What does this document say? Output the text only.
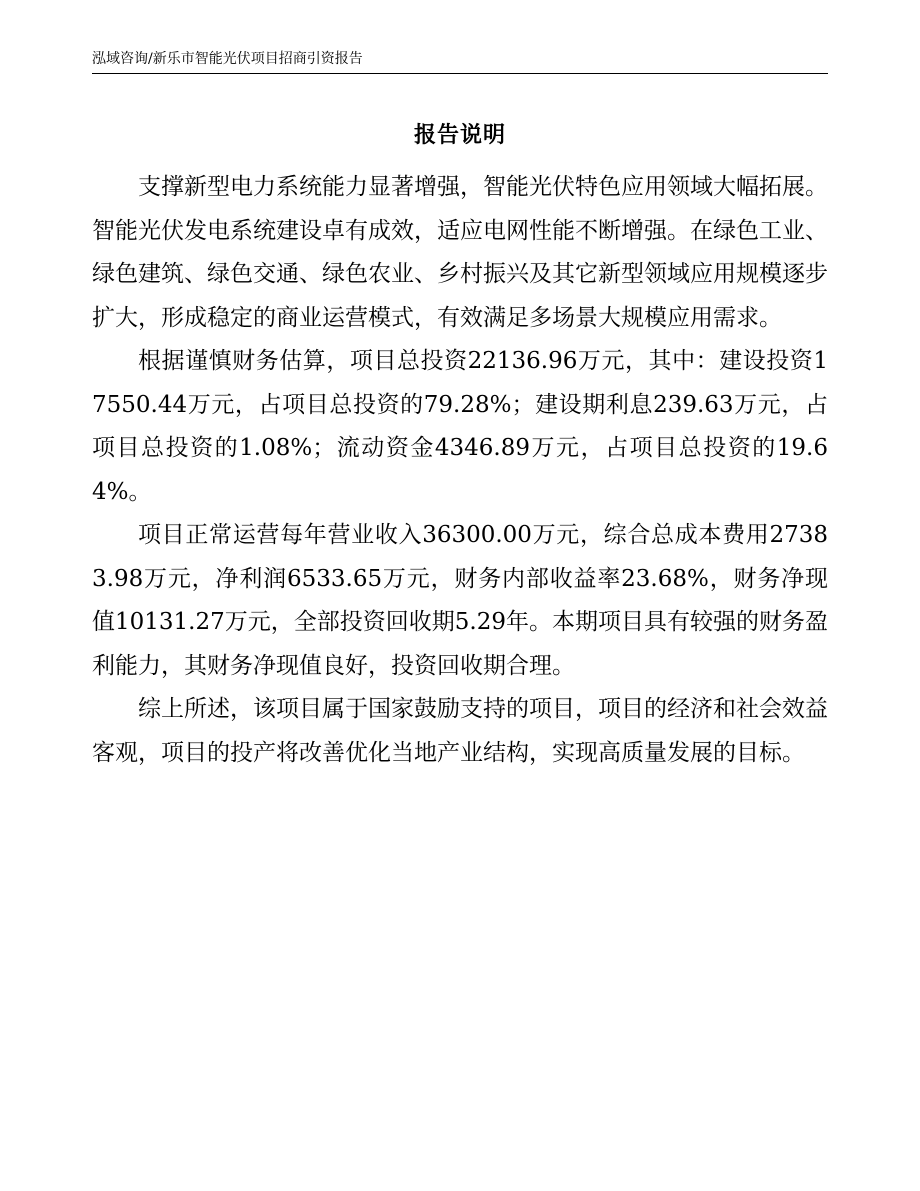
泓域咨询/新乐市智能光伏项目招商引资报告
报告说明

支撑新型电力系统能力显著增强，智能光伏特色应用领域大幅拓展。智能光伏发电系统建设卓有成效，适应电网性能不断增强。在绿色工业、绿色建筑、绿色交通、绿色农业、乡村振兴及其它新型领域应用规模逐步扩大，形成稳定的商业运营模式，有效满足多场景大规模应用需求。

根据谨慎财务估算，项目总投资22136.96万元，其中：建设投资17550.44万元，占项目总投资的79.28%；建设期利息239.63万元，占项目总投资的1.08%；流动资金4346.89万元，占项目总投资的19.64%。

项目正常运营每年营业收入36300.00万元，综合总成本费用27383.98万元，净利润6533.65万元，财务内部收益率23.68%，财务净现值10131.27万元，全部投资回收期5.29年。本期项目具有较强的财务盈利能力，其财务净现值良好，投资回收期合理。

综上所述，该项目属于国家鼓励支持的项目，项目的经济和社会效益客观，项目的投产将改善优化当地产业结构，实现高质量发展的目标。
